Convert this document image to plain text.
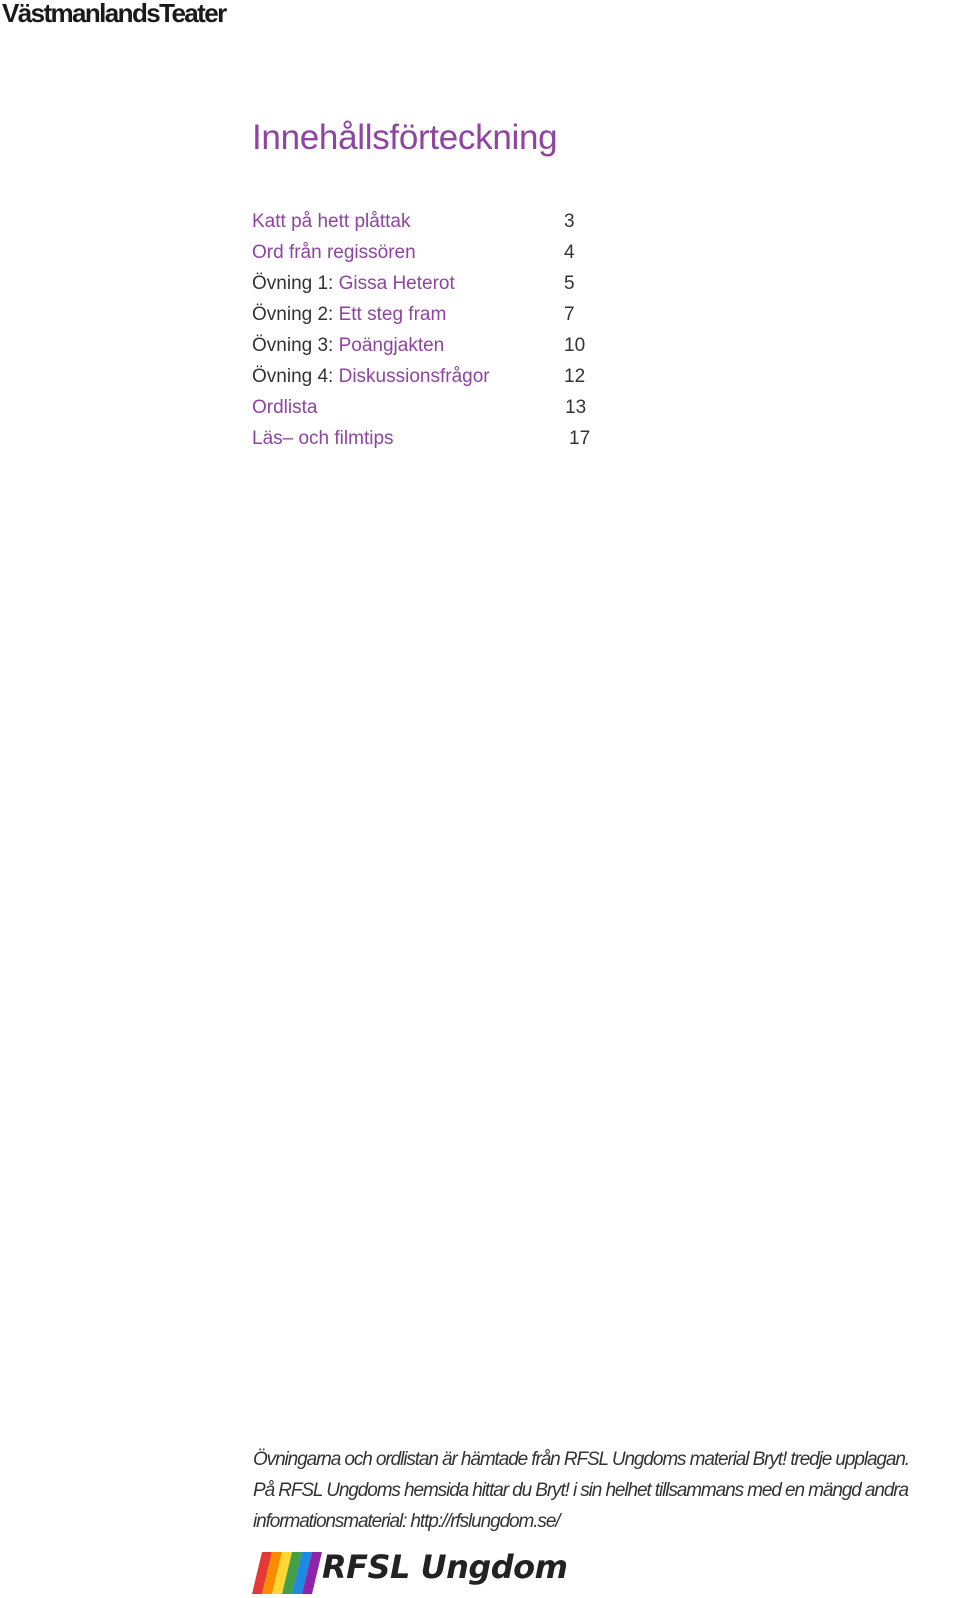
VästmanlandsTeater
Innehållsförteckning
Katt på hett plåttak	3
Ord från regissören	4
Övning 1: Gissa Heterot	5
Övning 2: Ett steg fram	7
Övning 3: Poängjakten	10
Övning 4: Diskussionsfrågor	12
Ordlista	13
Läs– och filmtips	17

Övningarna och ordlistan är hämtade från RFSL Ungdoms material Bryt! tredje upplagan.

På RFSL Ungdoms hemsida hittar du Bryt! i sin helhet tillsammans med en mängd andra

informationsmaterial: http://rfslungdom.se/

RFSL Ungdom
